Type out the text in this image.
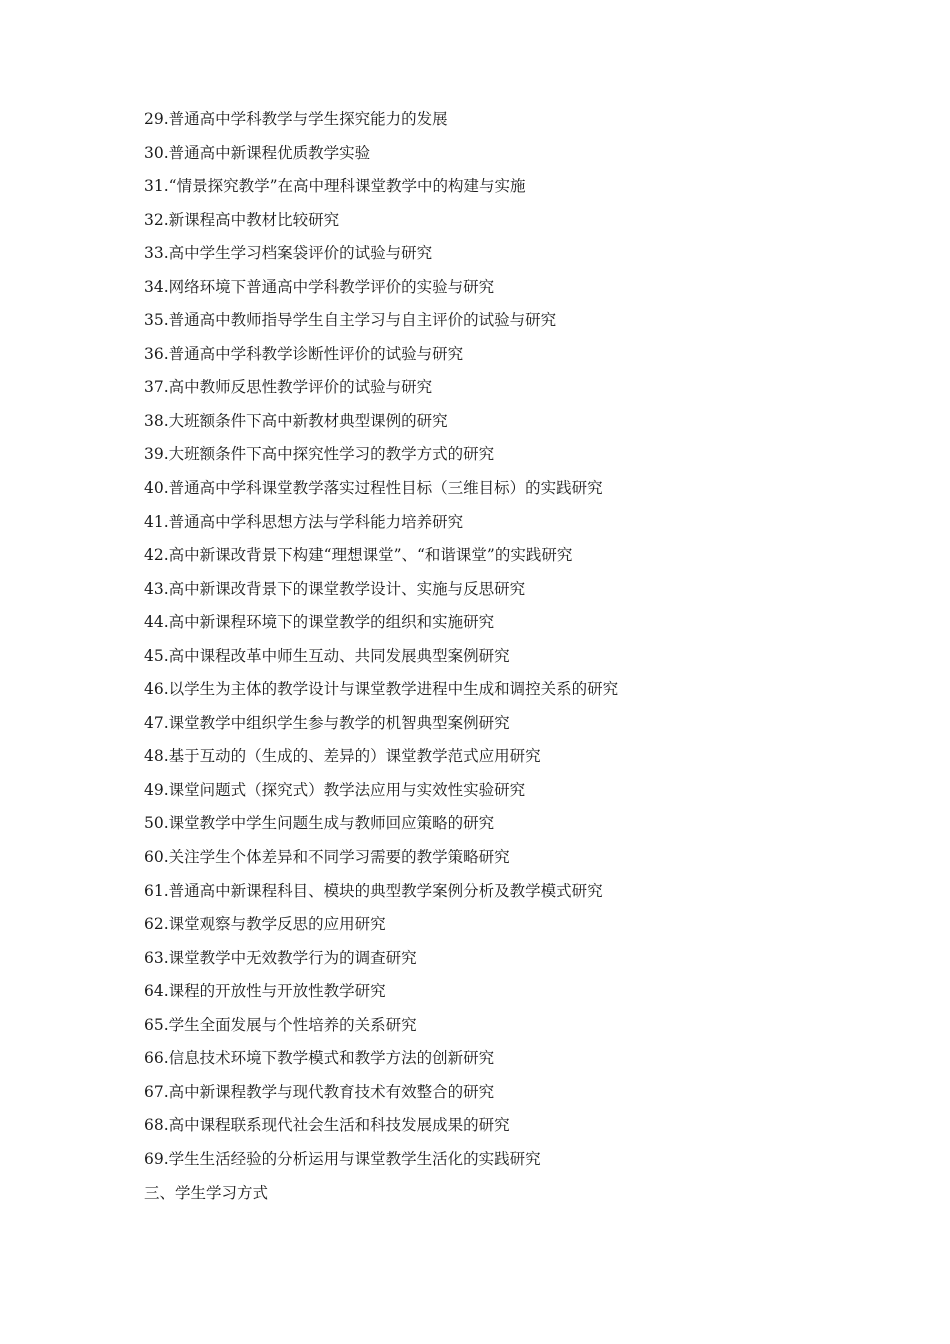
29.普通高中学科教学与学生探究能力的发展
30.普通高中新课程优质教学实验
31.“情景探究教学”在高中理科课堂教学中的构建与实施
32.新课程高中教材比较研究
33.高中学生学习档案袋评价的试验与研究
34.网络环境下普通高中学科教学评价的实验与研究
35.普通高中教师指导学生自主学习与自主评价的试验与研究
36.普通高中学科教学诊断性评价的试验与研究
37.高中教师反思性教学评价的试验与研究
38.大班额条件下高中新教材典型课例的研究
39.大班额条件下高中探究性学习的教学方式的研究
40.普通高中学科课堂教学落实过程性目标（三维目标）的实践研究
41.普通高中学科思想方法与学科能力培养研究
42.高中新课改背景下构建“理想课堂”、“和谐课堂”的实践研究
43.高中新课改背景下的课堂教学设计、实施与反思研究
44.高中新课程环境下的课堂教学的组织和实施研究
45.高中课程改革中师生互动、共同发展典型案例研究
46.以学生为主体的教学设计与课堂教学进程中生成和调控关系的研究
47.课堂教学中组织学生参与教学的机智典型案例研究
48.基于互动的（生成的、差异的）课堂教学范式应用研究
49.课堂问题式（探究式）教学法应用与实效性实验研究
50.课堂教学中学生问题生成与教师回应策略的研究
60.关注学生个体差异和不同学习需要的教学策略研究
61.普通高中新课程科目、模块的典型教学案例分析及教学模式研究
62.课堂观察与教学反思的应用研究
63.课堂教学中无效教学行为的调查研究
64.课程的开放性与开放性教学研究
65.学生全面发展与个性培养的关系研究
66.信息技术环境下教学模式和教学方法的创新研究
67.高中新课程教学与现代教育技术有效整合的研究
68.高中课程联系现代社会生活和科技发展成果的研究
69.学生生活经验的分析运用与课堂教学生活化的实践研究
三、学生学习方式
